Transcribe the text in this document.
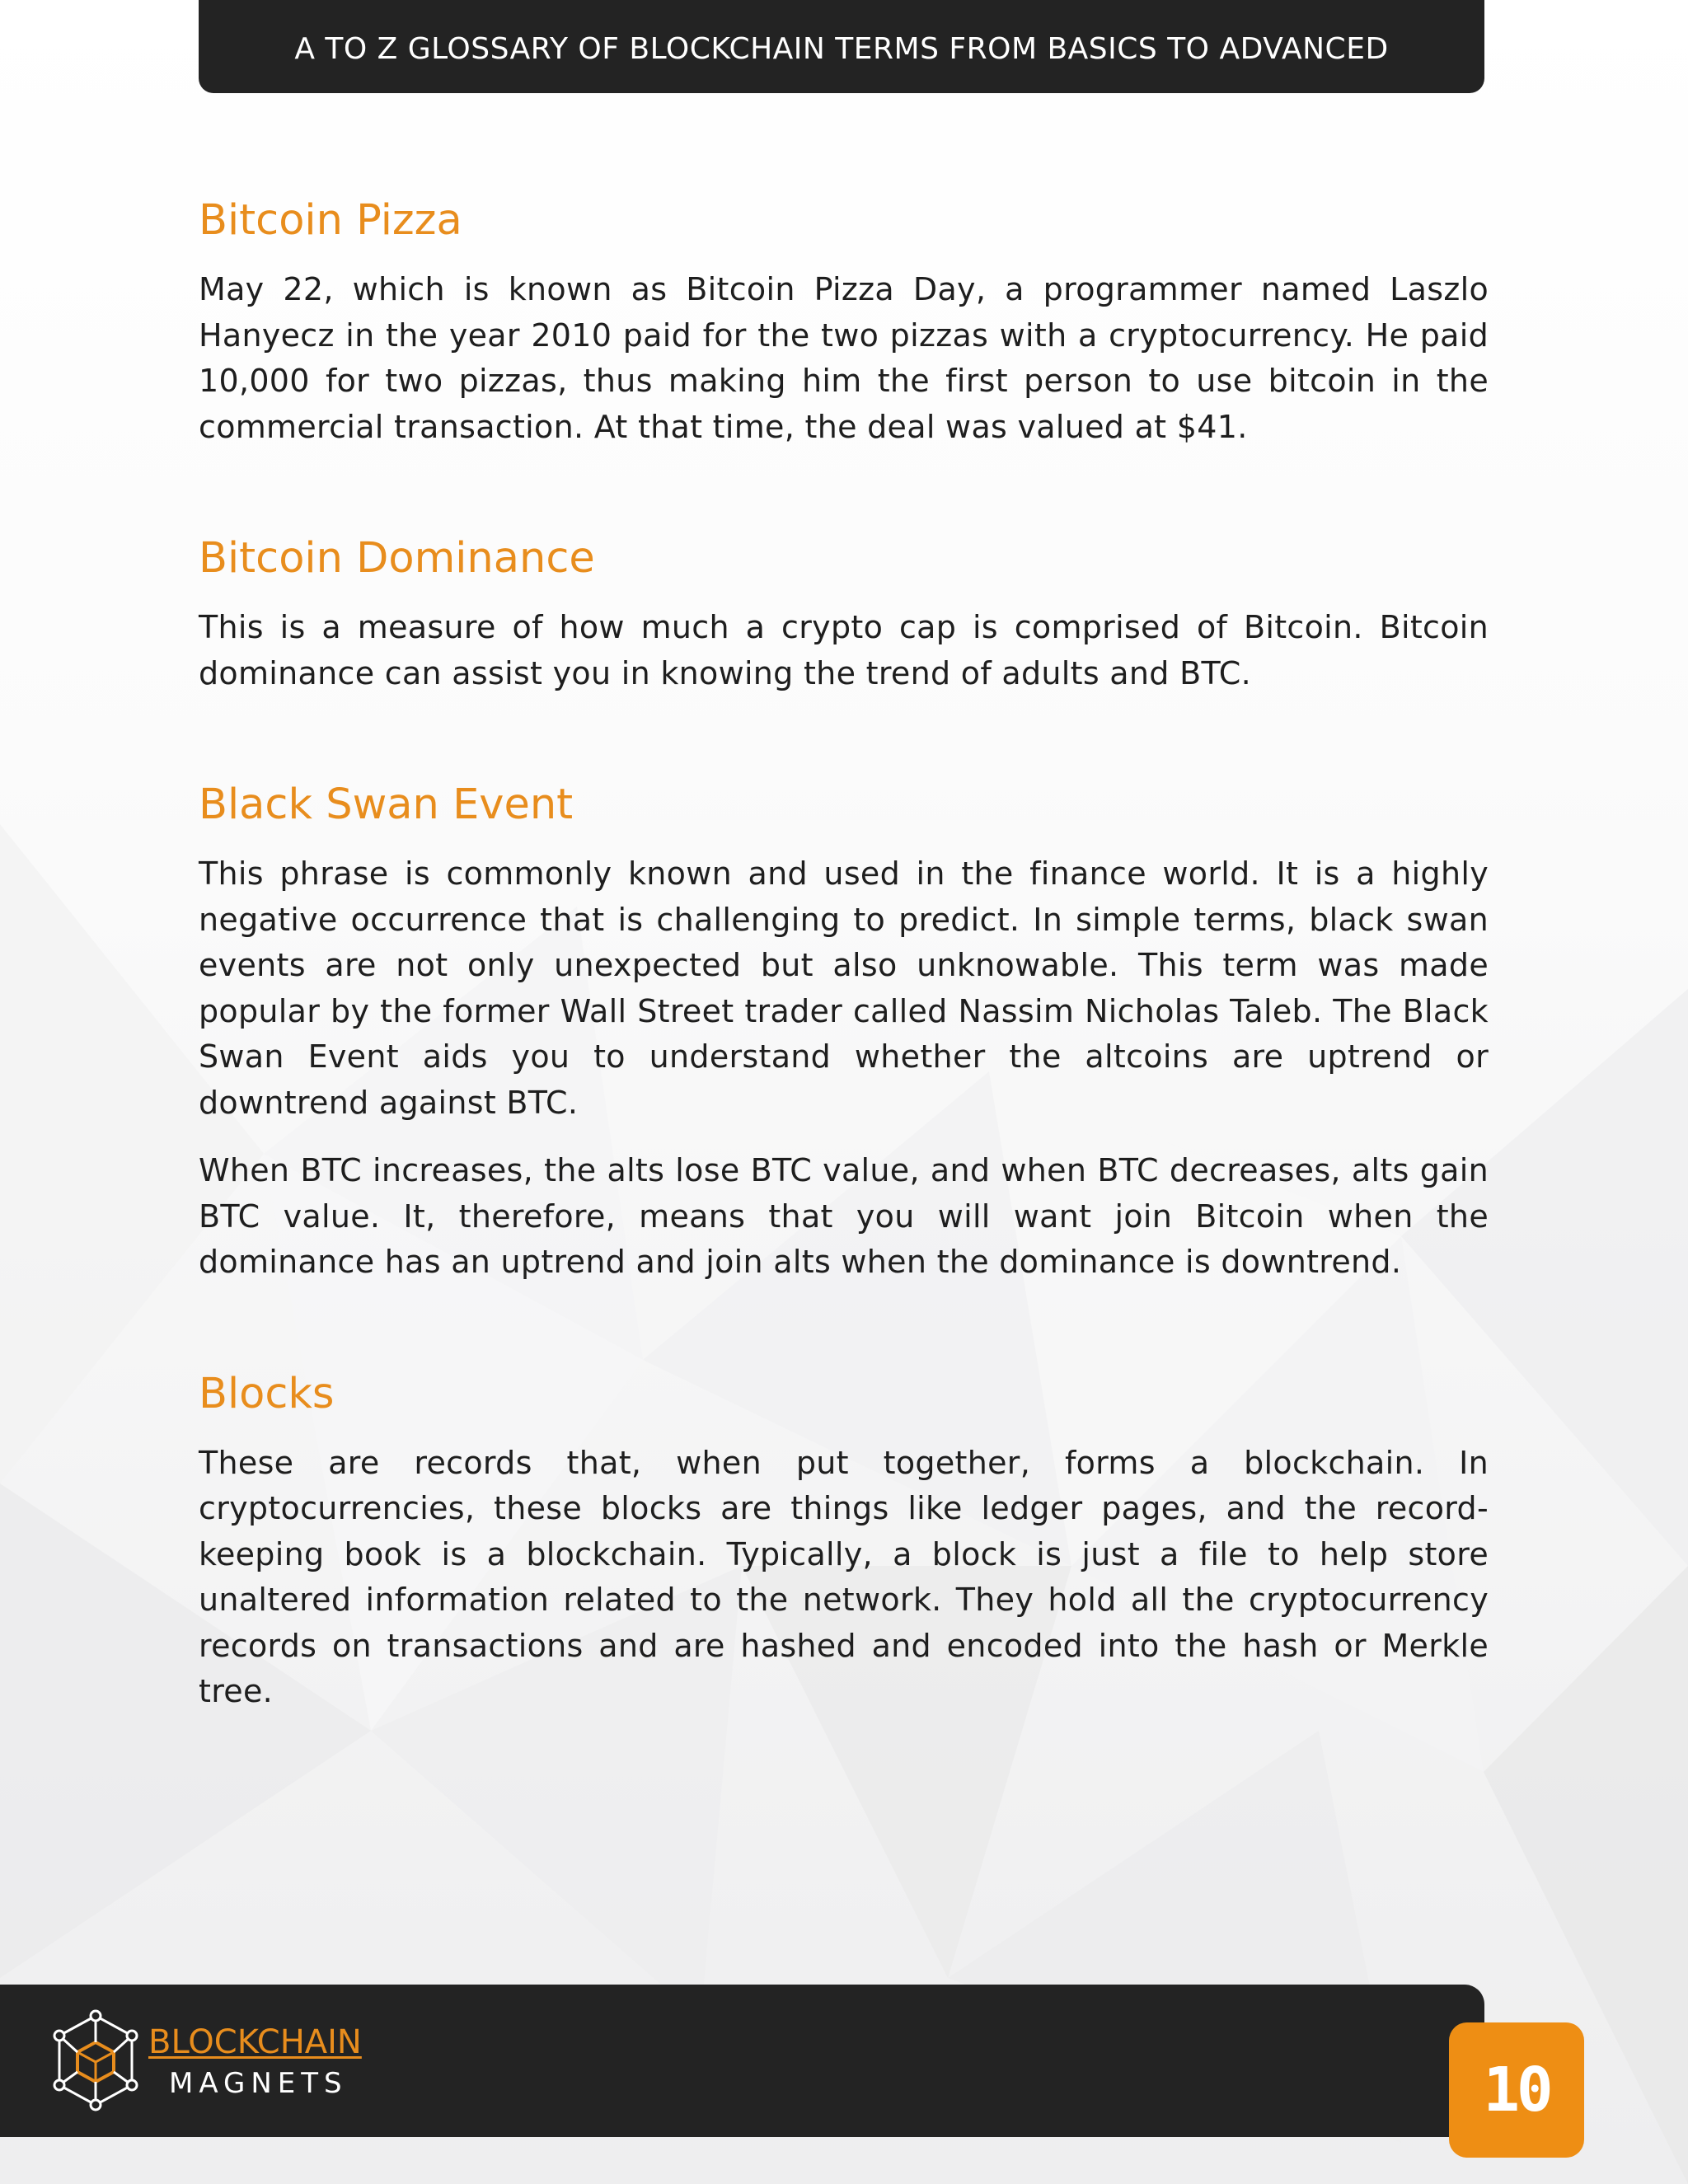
A TO Z GLOSSARY OF BLOCKCHAIN TERMS FROM BASICS TO ADVANCED
Bitcoin Pizza

May 22, which is known as Bitcoin Pizza Day, a programmer named Laszlo Hanyecz in the year 2010 paid for the two pizzas with a cryptocurrency. He paid 10,000 for two pizzas, thus making him the first person to use bitcoin in the commercial transaction. At that time, the deal was valued at $41.

Bitcoin Dominance

This is a measure of how much a crypto cap is comprised of Bitcoin. Bitcoin dominance can assist you in knowing the trend of adults and BTC.

Black Swan Event

This phrase is commonly known and used in the finance world. It is a highly negative occurrence that is challenging to predict. In simple terms, black swan events are not only unexpected but also unknowable. This term was made popular by the former Wall Street trader called Nassim Nicholas Taleb. The Black Swan Event aids you to understand whether the altcoins are uptrend or downtrend against BTC.

When BTC increases, the alts lose BTC value, and when BTC decreases, alts gain BTC value. It, therefore, means that you will want join Bitcoin when the dominance has an uptrend and join alts when the dominance is downtrend.

Blocks

These are records that, when put together, forms a blockchain. In cryptocurrencies, these blocks are things like ledger pages, and the record-keeping book is a blockchain. Typically, a block is just a file to help store unaltered information related to the network. They hold all the cryptocurrency records on transactions and are hashed and encoded into the hash or Merkle tree.

BLOCKCHAIN
MAGNETS	10
